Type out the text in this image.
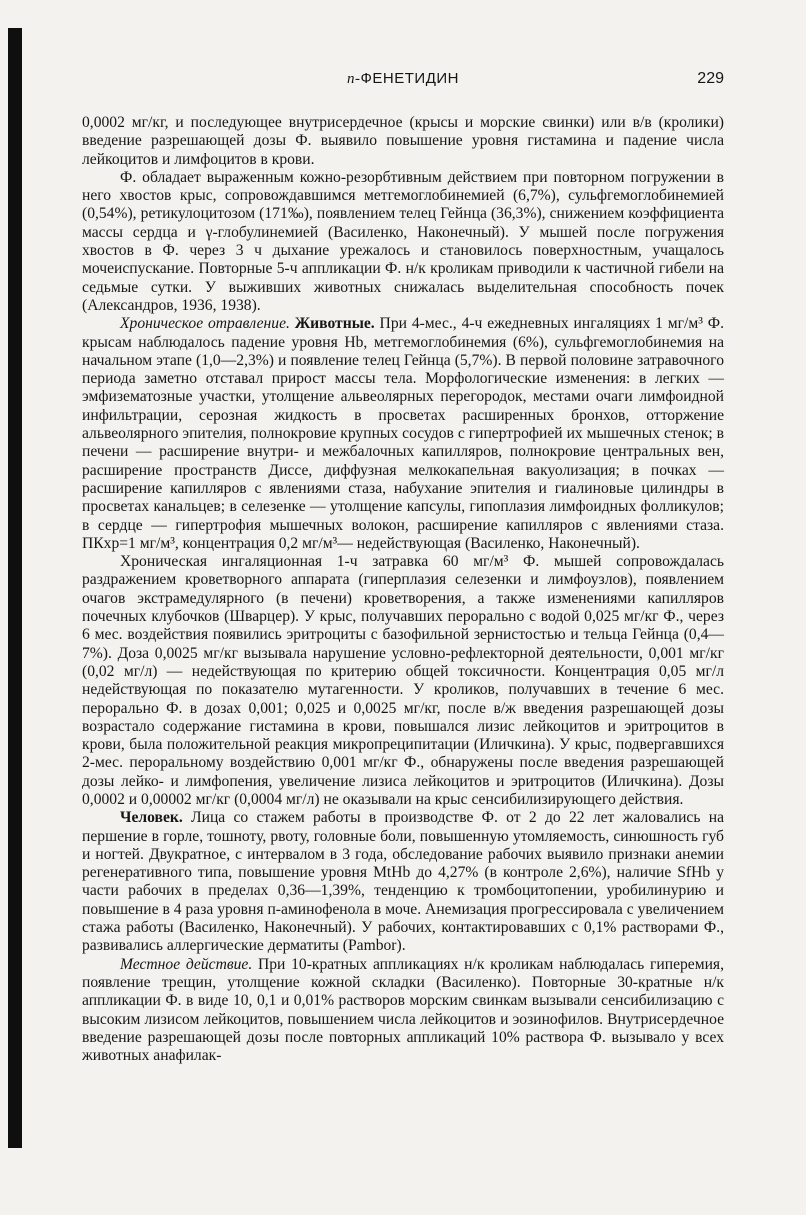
п-ФЕНЕТИДИН	229

0,0002 мг/кг, и последующее внутрисердечное (крысы и морские свинки) или в/в (кролики) введение разрешающей дозы Ф. выявило повышение уровня гистамина и падение числа лейкоцитов и лимфоцитов в крови.

Ф. обладает выраженным кожно-резорбтивным действием при повторном погружении в него хвостов крыс, сопровождавшимся метгемоглобинемией (6,7%), сульфгемоглобинемией (0,54%), ретикулоцитозом (171‰), появлением телец Гейнца (36,3%), снижением коэффициента массы сердца и γ-глобулинемией (Василенко, Наконечный). У мышей после погружения хвостов в Ф. через 3 ч дыхание урежалось и становилось поверхностным, учащалось мочеиспускание. Повторные 5-ч аппликации Ф. н/к кроликам приводили к частичной гибели на седьмые сутки. У выживших животных снижалась выделительная способность почек (Александров, 1936, 1938).

Хроническое отравление. Животные. При 4-мес., 4-ч ежедневных ингаляциях 1 мг/м³ Ф. крысам наблюдалось падение уровня Hb, метгемоглобинемия (6%), сульфгемоглобинемия на начальном этапе (1,0—2,3%) и появление телец Гейнца (5,7%). В первой половине затравочного периода заметно отставал прирост массы тела. Морфологические изменения: в легких — эмфизематозные участки, утолщение альвеолярных перегородок, местами очаги лимфоидной инфильтрации, серозная жидкость в просветах расширенных бронхов, отторжение альвеолярного эпителия, полнокровие крупных сосудов с гипертрофией их мышечных стенок; в печени — расширение внутри- и межбалочных капилляров, полнокровие центральных вен, расширение пространств Диссе, диффузная мелкокапельная вакуолизация; в почках — расширение капилляров с явлениями стаза, набухание эпителия и гиалиновые цилиндры в просветах канальцев; в селезенке — утолщение капсулы, гипоплазия лимфоидных фолликулов; в сердце — гипертрофия мышечных волокон, расширение капилляров с явлениями стаза. ПКхр=1 мг/м³, концентрация 0,2 мг/м³— недействующая (Василенко, Наконечный).

Хроническая ингаляционная 1-ч затравка 60 мг/м³ Ф. мышей сопровождалась раздражением кроветворного аппарата (гиперплазия селезенки и лимфоузлов), появлением очагов экстрамедулярного (в печени) кроветворения, а также изменениями капилляров почечных клубочков (Шварцер). У крыс, получавших перорально с водой 0,025 мг/кг Ф., через 6 мес. воздействия появились эритроциты с базофильной зернистостью и тельца Гейнца (0,4—7%). Доза 0,0025 мг/кг вызывала нарушение условно-рефлекторной деятельности, 0,001 мг/кг (0,02 мг/л) — недействующая по критерию общей токсичности. Концентрация 0,05 мг/л недействующая по показателю мутагенности. У кроликов, получавших в течение 6 мес. перорально Ф. в дозах 0,001; 0,025 и 0,0025 мг/кг, после в/ж введения разрешающей дозы возрастало содержание гистамина в крови, повышался лизис лейкоцитов и эритроцитов в крови, была положительной реакция микропреципитации (Иличкина). У крыс, подвергавшихся 2-мес. пероральному воздействию 0,001 мг/кг Ф., обнаружены после введения разрешающей дозы лейко- и лимфопения, увеличение лизиса лейкоцитов и эритроцитов (Иличкина). Дозы 0,0002 и 0,00002 мг/кг (0,0004 мг/л) не оказывали на крыс сенсибилизирующего действия.

Человек. Лица со стажем работы в производстве Ф. от 2 до 22 лет жаловались на першение в горле, тошноту, рвоту, головные боли, повышенную утомляемость, синюшность губ и ногтей. Двукратное, с интервалом в 3 года, обследование рабочих выявило признаки анемии регенеративного типа, повышение уровня MtHb до 4,27% (в контроле 2,6%), наличие SfHb у части рабочих в пределах 0,36—1,39%, тенденцию к тромбоцитопении, уробилинурию и повышение в 4 раза уровня п-аминофенола в моче. Анемизация прогрессировала с увеличением стажа работы (Василенко, Наконечный). У рабочих, контактировавших с 0,1% растворами Ф., развивались аллергические дерматиты (Pambor).

Местное действие. При 10-кратных аппликациях н/к кроликам наблюдалась гиперемия, появление трещин, утолщение кожной складки (Василенко). Повторные 30-кратные н/к аппликации Ф. в виде 10, 0,1 и 0,01% растворов морским свинкам вызывали сенсибилизацию с высоким лизисом лейкоцитов, повышением числа лейкоцитов и эозинофилов. Внутрисердечное введение разрешающей дозы после повторных аппликаций 10% раствора Ф. вызывало у всех животных анафилак-
